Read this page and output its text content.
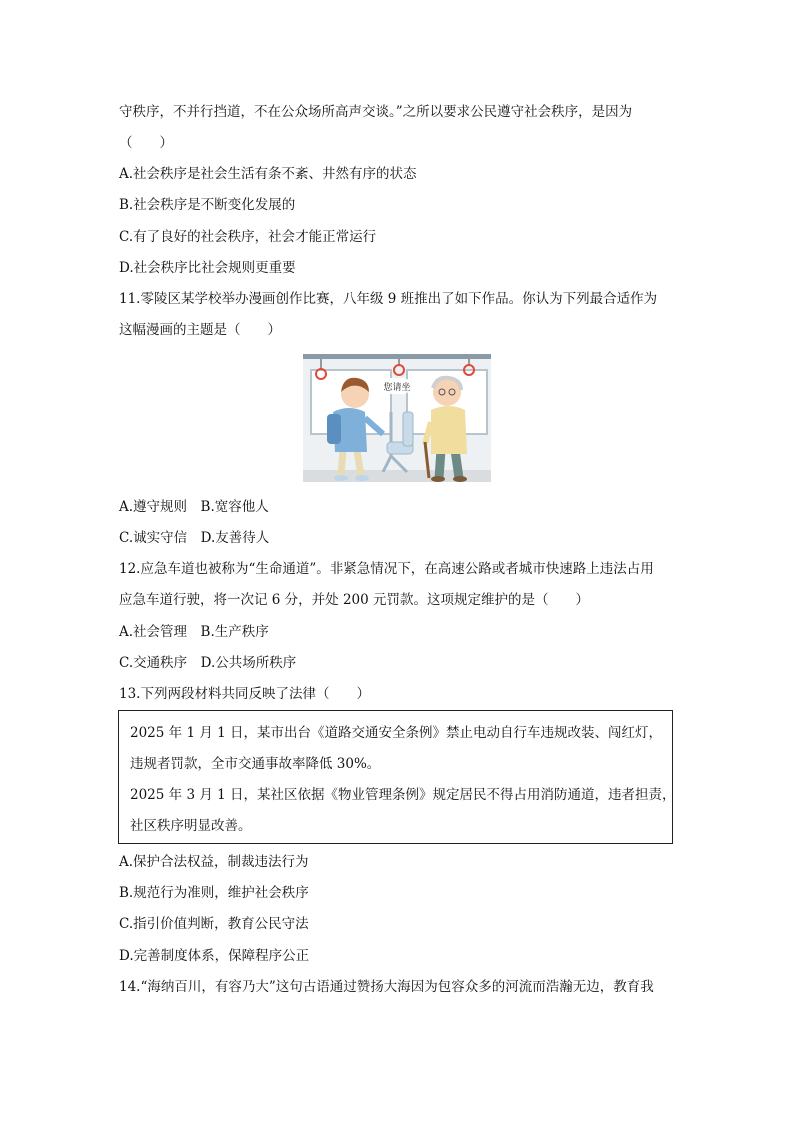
守秩序，不并行挡道，不在公众场所高声交谈。”之所以要求公民遵守社会秩序，是因为
（　　）
A.社会秩序是社会生活有条不紊、井然有序的状态
B.社会秩序是不断变化发展的
C.有了良好的社会秩序，社会才能正常运行
D.社会秩序比社会规则更重要
11.零陵区某学校举办漫画创作比赛，八年级 9 班推出了如下作品。你认为下列最合适作为
这幅漫画的主题是（　　）
您请坐
A.遵守规则　B.宽容他人
C.诚实守信　D.友善待人
12.应急车道也被称为“生命通道”。非紧急情况下，在高速公路或者城市快速路上违法占用
应急车道行驶，将一次记 6 分，并处 200 元罚款。这项规定维护的是（　　）
A.社会管理　B.生产秩序
C.交通秩序　D.公共场所秩序
13.下列两段材料共同反映了法律（　　）
2025 年 1 月 1 日，某市出台《道路交通安全条例》禁止电动自行车违规改装、闯红灯，
违规者罚款，全市交通事故率降低 30%。
2025 年 3 月 1 日，某社区依据《物业管理条例》规定居民不得占用消防通道，违者担责，
社区秩序明显改善。
A.保护合法权益，制裁违法行为
B.规范行为准则，维护社会秩序
C.指引价值判断，教育公民守法
D.完善制度体系，保障程序公正
14.“海纳百川，有容乃大”这句古语通过赞扬大海因为包容众多的河流而浩瀚无边，教育我
